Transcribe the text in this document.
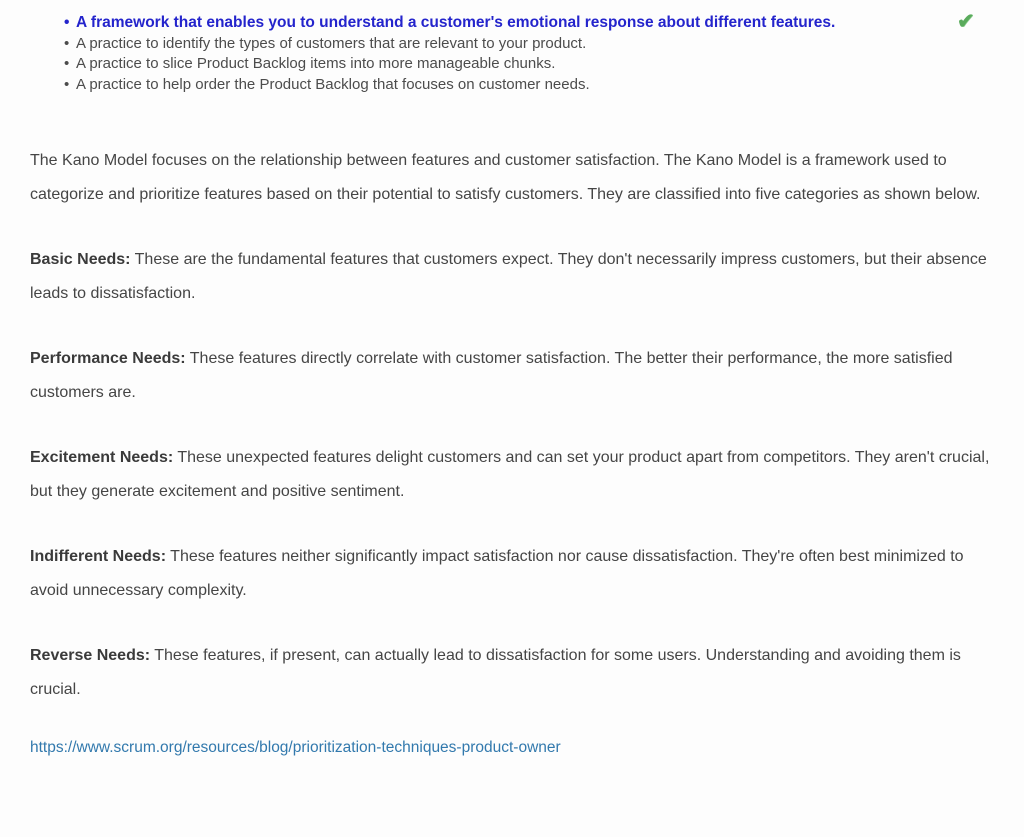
• A framework that enables you to understand a customer's emotional response about different features.
• A practice to identify the types of customers that are relevant to your product.
• A practice to slice Product Backlog items into more manageable chunks.
• A practice to help order the Product Backlog that focuses on customer needs.
✔

The Kano Model focuses on the relationship between features and customer satisfaction. The Kano Model is a framework used to categorize and prioritize features based on their potential to satisfy customers. They are classified into five categories as shown below.

Basic Needs: These are the fundamental features that customers expect. They don't necessarily impress customers, but their absence leads to dissatisfaction.

Performance Needs: These features directly correlate with customer satisfaction. The better their performance, the more satisfied customers are.

Excitement Needs: These unexpected features delight customers and can set your product apart from competitors. They aren't crucial, but they generate excitement and positive sentiment.

Indifferent Needs: These features neither significantly impact satisfaction nor cause dissatisfaction. They're often best minimized to avoid unnecessary complexity.

Reverse Needs: These features, if present, can actually lead to dissatisfaction for some users. Understanding and avoiding them is crucial.

https://www.scrum.org/resources/blog/prioritization-techniques-product-owner
